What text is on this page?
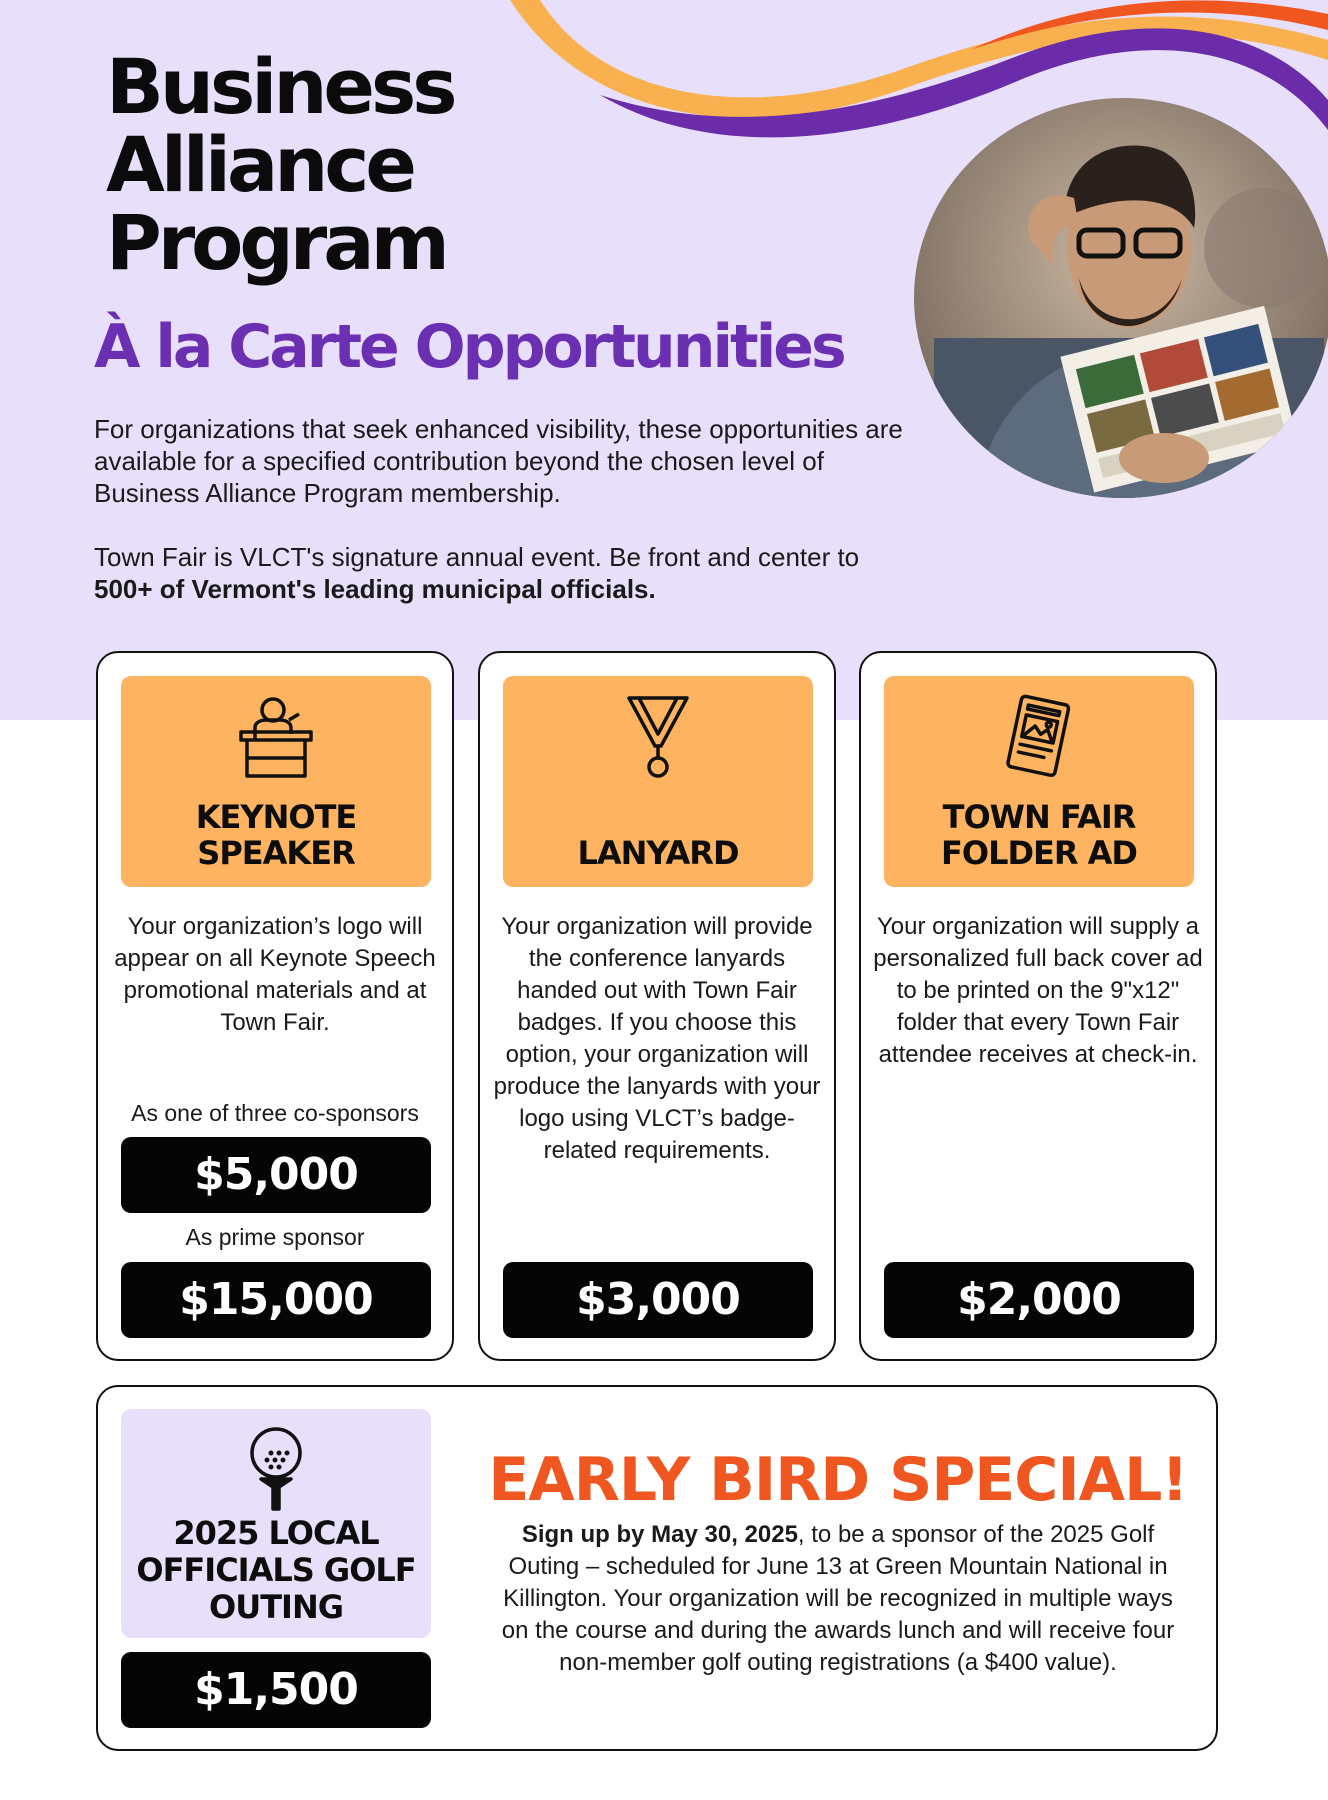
Business
Alliance
Program
À la Carte Opportunities

For organizations that seek enhanced visibility, these opportunities are available for a specified contribution beyond the chosen level of Business Alliance Program membership.

Town Fair is VLCT's signature annual event. Be front and center to 500+ of Vermont's leading municipal officials.

KEYNOTE
SPEAKER
Your organization’s logo will appear on all Keynote Speech promotional materials and at Town Fair.
As one of three co-sponsors
$5,000
As prime sponsor
$15,000
LANYARD
Your organization will provide the conference lanyards handed out with Town Fair badges. If you choose this option, your organization will produce the lanyards with your logo using VLCT’s badge-related requirements.
$3,000
TOWN FAIR
FOLDER AD
Your organization will supply a personalized full back cover ad to be printed on the 9"x12" folder that every Town Fair attendee receives at check-in.
$2,000
2025 LOCAL
OFFICIALS GOLF
OUTING
$1,500
EARLY BIRD SPECIAL!
Sign up by May 30, 2025, to be a sponsor of the 2025 Golf Outing – scheduled for June 13 at Green Mountain National in Killington. Your organization will be recognized in multiple ways on the course and during the awards lunch and will receive four non-member golf outing registrations (a $400 value).
